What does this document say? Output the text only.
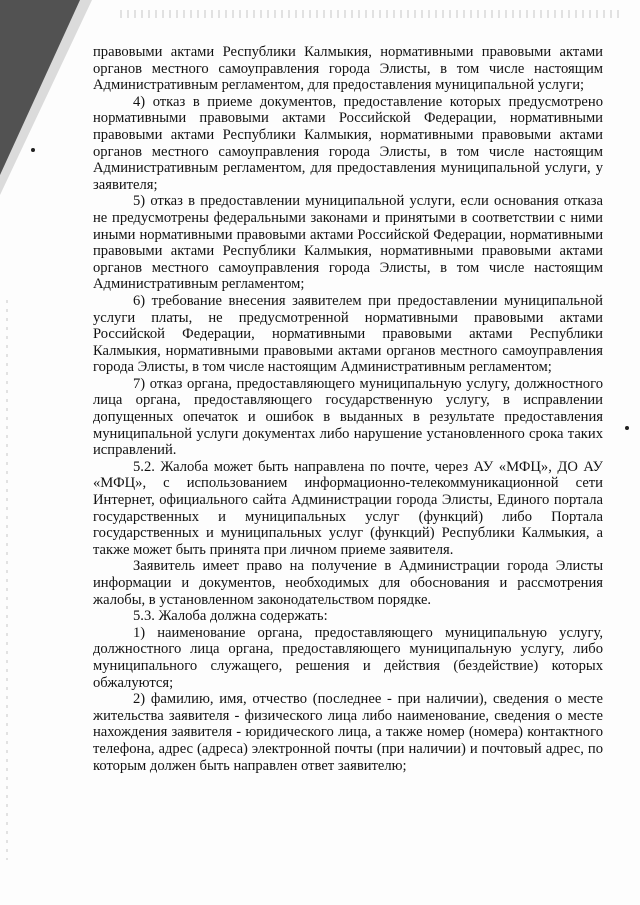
правовыми актами Республики Калмыкия, нормативными правовыми актами органов местного самоуправления города Элисты, в том числе настоящим Административным регламентом, для предоставления муниципальной услуги;

4) отказ в приеме документов, предоставление которых предусмотрено нормативными правовыми актами Российской Федерации, нормативными правовыми актами Республики Калмыкия, нормативными правовыми актами органов местного самоуправления города Элисты, в том числе настоящим Административным регламентом, для предоставления муниципальной услуги, у заявителя;

5) отказ в предоставлении муниципальной услуги, если основания отказа не предусмотрены федеральными законами и принятыми в соответствии с ними иными нормативными правовыми актами Российской Федерации, нормативными правовыми актами Республики Калмыкия, нормативными правовыми актами органов местного самоуправления города Элисты, в том числе настоящим Административным регламентом;

6) требование внесения заявителем при предоставлении муниципальной услуги платы, не предусмотренной нормативными правовыми актами Российской Федерации, нормативными правовыми актами Республики Калмыкия, нормативными правовыми актами органов местного самоуправления города Элисты, в том числе настоящим Административным регламентом;

7) отказ органа, предоставляющего муниципальную услугу, должностного лица органа, предоставляющего государственную услугу, в исправлении допущенных опечаток и ошибок в выданных в результате предоставления муниципальной услуги документах либо нарушение установленного срока таких исправлений.

5.2. Жалоба может быть направлена по почте, через АУ «МФЦ», ДО АУ «МФЦ», с использованием информационно-телекоммуникационной сети Интернет, официального сайта Администрации города Элисты, Единого портала государственных и муниципальных услуг (функций) либо Портала государственных и муниципальных услуг (функций) Республики Калмыкия, а также может быть принята при личном приеме заявителя.

Заявитель имеет право на получение в Администрации города Элисты информации и документов, необходимых для обоснования и рассмотрения жалобы, в установленном законодательством порядке.

5.3. Жалоба должна содержать:

1) наименование органа, предоставляющего муниципальную услугу, должностного лица органа, предоставляющего муниципальную услугу, либо муниципального служащего, решения и действия (бездействие) которых обжалуются;

2) фамилию, имя, отчество (последнее - при наличии), сведения о месте жительства заявителя - физического лица либо наименование, сведения о месте нахождения заявителя - юридического лица, а также номер (номера) контактного телефона, адрес (адреса) электронной почты (при наличии) и почтовый адрес, по которым должен быть направлен ответ заявителю;
